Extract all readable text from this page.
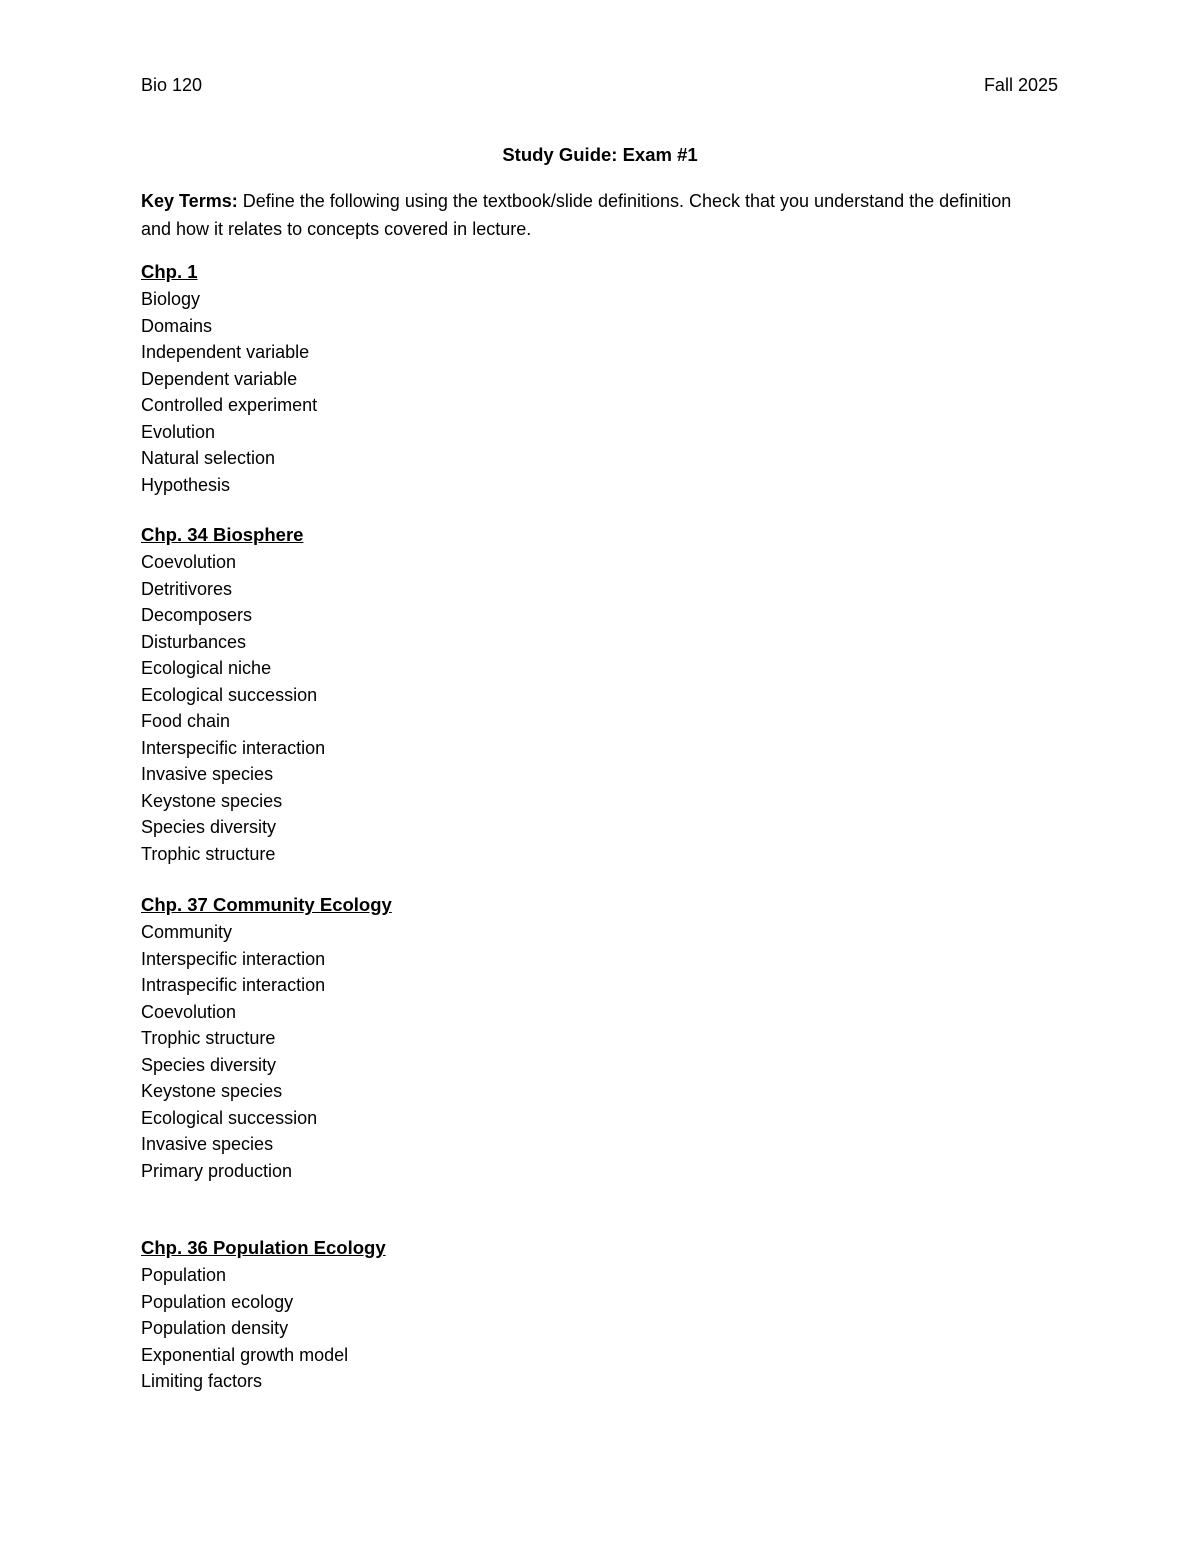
Bio 120	Fall 2025
Study Guide: Exam #1
Key Terms: Define the following using the textbook/slide definitions. Check that you understand the definition and how it relates to concepts covered in lecture.
Chp. 1
Biology
Domains
Independent variable
Dependent variable
Controlled experiment
Evolution
Natural selection
Hypothesis
Chp. 34 Biosphere
Coevolution
Detritivores
Decomposers
Disturbances
Ecological niche
Ecological succession
Food chain
Interspecific interaction
Invasive species
Keystone species
Species diversity
Trophic structure
Chp. 37 Community Ecology
Community
Interspecific interaction
Intraspecific interaction
Coevolution
Trophic structure
Species diversity
Keystone species
Ecological succession
Invasive species
Primary production
Chp. 36 Population Ecology
Population
Population ecology
Population density
Exponential growth model
Limiting factors
